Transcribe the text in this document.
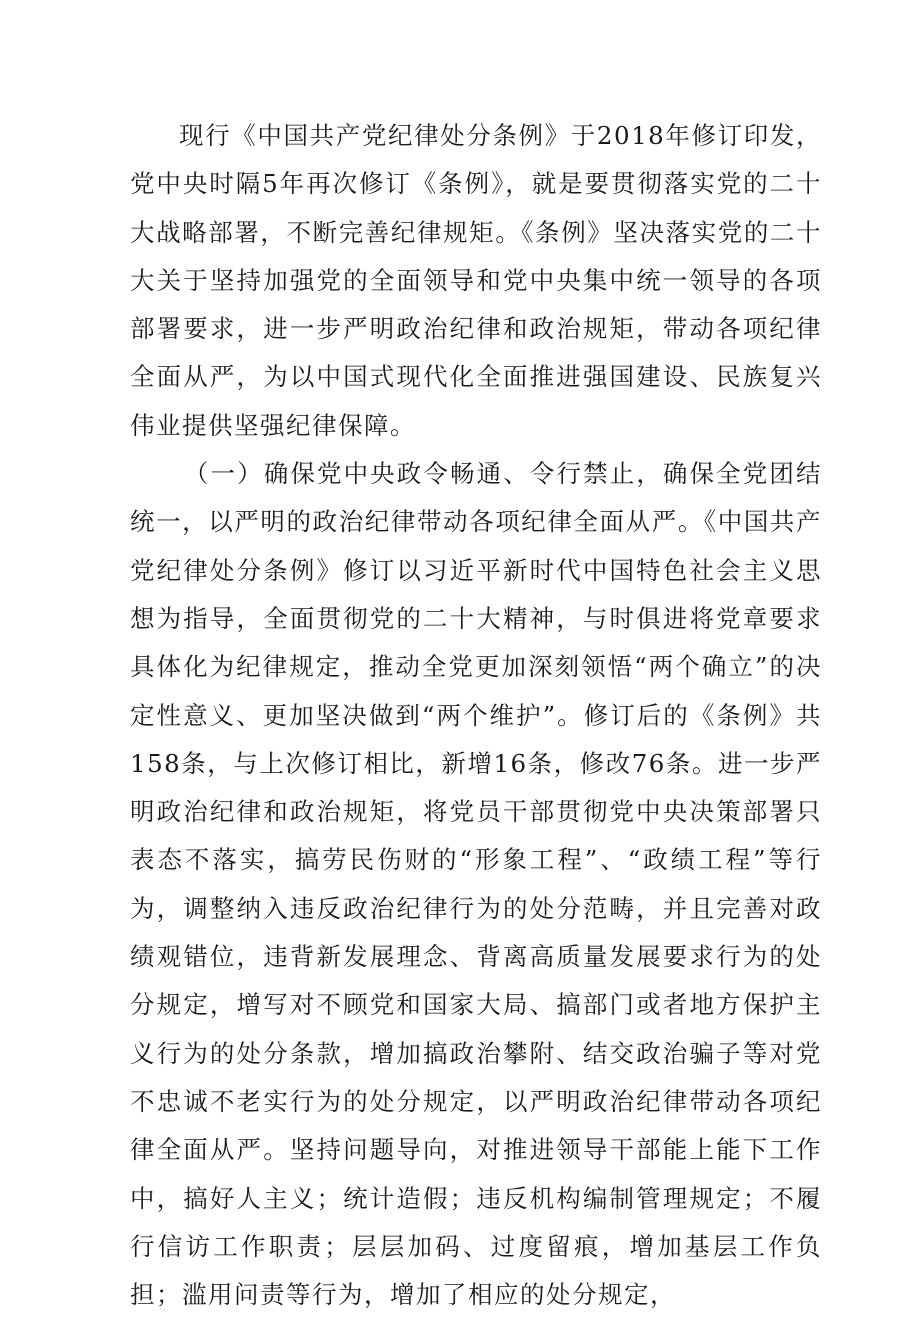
现行《中国共产党纪律处分条例》于2018年修订印发，党中央时隔5年再次修订《条例》，就是要贯彻落实党的二十大战略部署，不断完善纪律规矩。《条例》坚决落实党的二十大关于坚持加强党的全面领导和党中央集中统一领导的各项部署要求，进一步严明政治纪律和政治规矩，带动各项纪律全面从严，为以中国式现代化全面推进强国建设、民族复兴伟业提供坚强纪律保障。

（一）确保党中央政令畅通、令行禁止，确保全党团结统一，以严明的政治纪律带动各项纪律全面从严。《中国共产党纪律处分条例》修订以习近平新时代中国特色社会主义思想为指导，全面贯彻党的二十大精神，与时俱进将党章要求具体化为纪律规定，推动全党更加深刻领悟“两个确立”的决定性意义、更加坚决做到“两个维护”。修订后的《条例》共158条，与上次修订相比，新增16条，修改76条。进一步严明政治纪律和政治规矩，将党员干部贯彻党中央决策部署只表态不落实，搞劳民伤财的“形象工程”、“政绩工程”等行为，调整纳入违反政治纪律行为的处分范畴，并且完善对政绩观错位，违背新发展理念、背离高质量发展要求行为的处分规定，增写对不顾党和国家大局、搞部门或者地方保护主义行为的处分条款，增加搞政治攀附、结交政治骗子等对党不忠诚不老实行为的处分规定，以严明政治纪律带动各项纪律全面从严。坚持问题导向，对推进领导干部能上能下工作中，搞好人主义；统计造假；违反机构编制管理规定；不履行信访工作职责；层层加码、过度留痕，增加基层工作负担；滥用问责等行为，增加了相应的处分规定，
